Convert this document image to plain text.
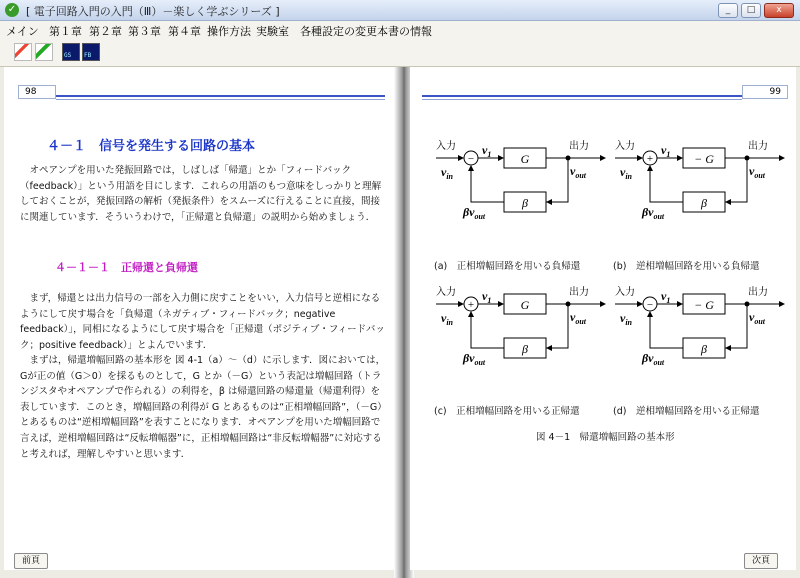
✓ [ 電子回路入門の入門（Ⅲ）－楽しく学ぶシリーズ ]	_	□	x
メイン 第１章 第２章 第３章 第４章 操作方法 実験室 各種設定の変更 本書の情報
GS FB
98
４－１　信号を発生する回路の基本
　オペアンプを用いた発振回路では，しばしば「帰還」とか「フィードバック（feedback）」という用語を目にします．これらの用語のもつ意味をしっかりと理解しておくことが，発振回路の解析（発振条件）をスムーズに行えることに直接，間接に関連しています．そういうわけで，「正帰還と負帰還」の説明から始めましょう．
４－１－１　正帰還と負帰還
　まず，帰還とは出力信号の一部を入力側に戻すことをいい，入力信号と逆相になるようにして戻す場合を「負帰還（ネガティブ・フィードバック；negative feedback）」，同相になるようにして戻す場合を「正帰還（ポジティブ・フィードバック；positive feedback）」とよんでいます．
　まずは，帰還増幅回路の基本形を 図 4-1（a）～（d）に示します．図においては，Gが正の値（G＞0）を採るものとして，G とか（－G）という表記は増幅回路（トランジスタやオペアンプで作られる）の利得を，β は帰還回路の帰還量（帰還利得）を表しています．このとき，増幅回路の利得が G とあるものは“正相増幅回路”，（－G）とあるものは“逆相増幅回路”を表すことになります．オペアンプを用いた増幅回路で言えば，逆相増幅回路は“反転増幅器”に，正相増幅回路は“非反転増幅器”に対応すると考えれば，理解しやすいと思います．
前頁
99
入力	出力
$v_{in}$
$v_1$
$v_{out}$
$\beta v_{out}$
−	G
β
入力	出力
$v_{in}$
$v_1$
$v_{out}$
$\beta v_{out}$
+	− G
β
入力	出力
$v_{in}$
$v_1$
$v_{out}$
$\beta v_{out}$
+	G
β
入力	出力
$v_{in}$
$v_1$
$v_{out}$
$\beta v_{out}$
−	− G
β
(a)　正相増幅回路を用いる負帰還	(b)　逆相増幅回路を用いる負帰還
(c)　正相増幅回路を用いる正帰還	(d)　逆相増幅回路を用いる正帰還
図 4－1　帰還増幅回路の基本形
次頁
